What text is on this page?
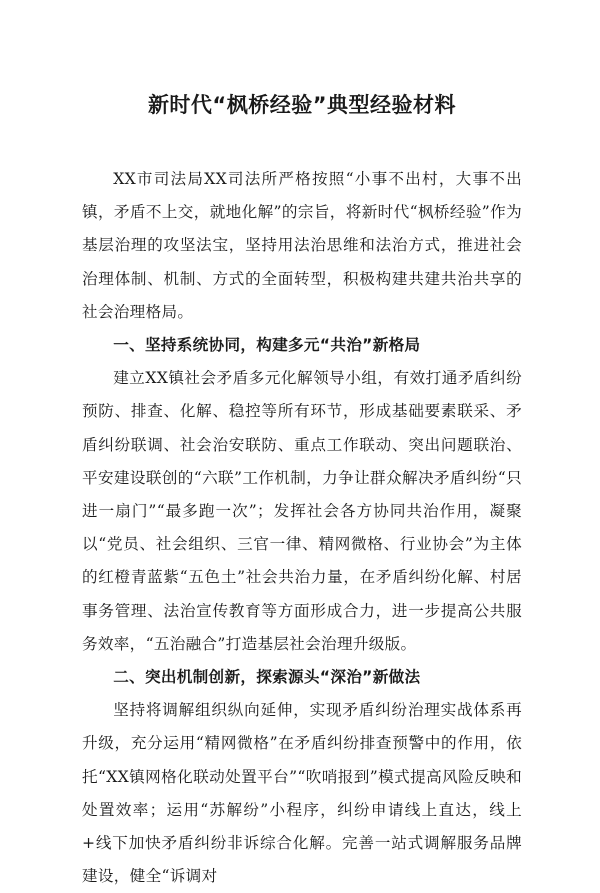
新时代“枫桥经验”典型经验材料

XX市司法局XX司法所严格按照“小事不出村，大事不出镇，矛盾不上交，就地化解”的宗旨，将新时代“枫桥经验”作为基层治理的攻坚法宝，坚持用法治思维和法治方式，推进社会治理体制、机制、方式的全面转型，积极构建共建共治共享的社会治理格局。

一、坚持系统协同，构建多元“共治”新格局

建立XX镇社会矛盾多元化解领导小组，有效打通矛盾纠纷预防、排查、化解、稳控等所有环节，形成基础要素联采、矛盾纠纷联调、社会治安联防、重点工作联动、突出问题联治、平安建设联创的“六联”工作机制，力争让群众解决矛盾纠纷“只进一扇门”“最多跑一次”；发挥社会各方协同共治作用，凝聚以“党员、社会组织、三官一律、精网微格、行业协会”为主体的红橙青蓝紫“五色土”社会共治力量，在矛盾纠纷化解、村居事务管理、法治宣传教育等方面形成合力，进一步提高公共服务效率，“五治融合”打造基层社会治理升级版。

二、突出机制创新，探索源头“深治”新做法

坚持将调解组织纵向延伸，实现矛盾纠纷治理实战体系再升级，充分运用“精网微格”在矛盾纠纷排查预警中的作用，依托“XX镇网格化联动处置平台”“吹哨报到”模式提高风险反映和处置效率；运用“苏解纷”小程序，纠纷申请线上直达，线上+线下加快矛盾纠纷非诉综合化解。完善一站式调解服务品牌建设，健全“诉调对
